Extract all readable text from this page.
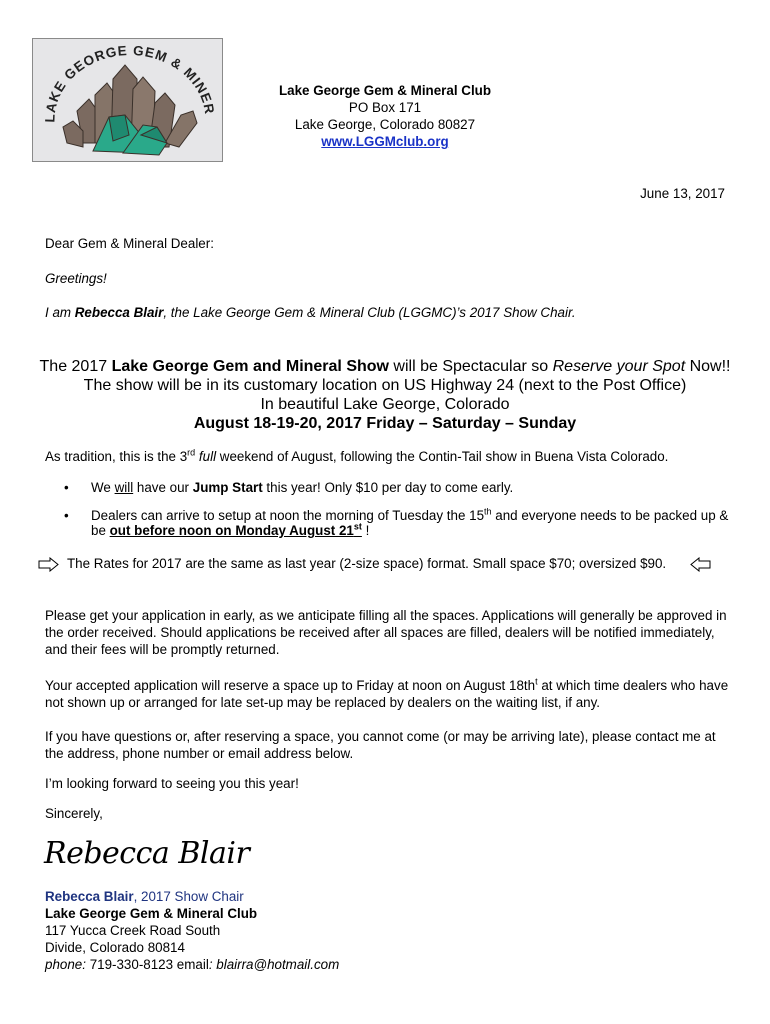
LAKE GEORGE GEM & MINER
Lake George Gem & Mineral Club
PO Box 171
Lake George, Colorado 80827
www.LGGMclub.org
June 13, 2017
Dear Gem & Mineral Dealer:
Greetings!
I am Rebecca Blair, the Lake George Gem & Mineral Club (LGGMC)’s 2017 Show Chair.
The 2017 Lake George Gem and Mineral Show will be Spectacular so Reserve your Spot Now!!
The show will be in its customary location on US Highway 24 (next to the Post Office)
In beautiful Lake George, Colorado
August 18-19-20, 2017 Friday – Saturday – Sunday
As tradition, this is the 3rd full weekend of August, following the Contin-Tail show in Buena Vista Colorado.
• We will have our Jump Start this year! Only $10 per day to come early.
• Dealers can arrive to setup at noon the morning of Tuesday the 15th and everyone needs to be packed up & be out before noon on Monday August 21st !
The Rates for 2017 are the same as last year (2-size space) format. Small space $70; oversized $90.
Please get your application in early, as we anticipate filling all the spaces. Applications will generally be approved in the order received. Should applications be received after all spaces are filled, dealers will be notified immediately, and their fees will be promptly returned.
Your accepted application will reserve a space up to Friday at noon on August $18th^t$ at which time dealers who have not shown up or arranged for late set-up may be replaced by dealers on the waiting list, if any.
If you have questions or, after reserving a space, you cannot come (or may be arriving late), please contact me at the address, phone number or email address below.
I’m looking forward to seeing you this year!
Sincerely,
Rebecca Blair
Rebecca Blair, 2017 Show Chair
Lake George Gem & Mineral Club
117 Yucca Creek Road South
Divide, Colorado 80814
phone: 719-330-8123 email: blairra@hotmail.com
